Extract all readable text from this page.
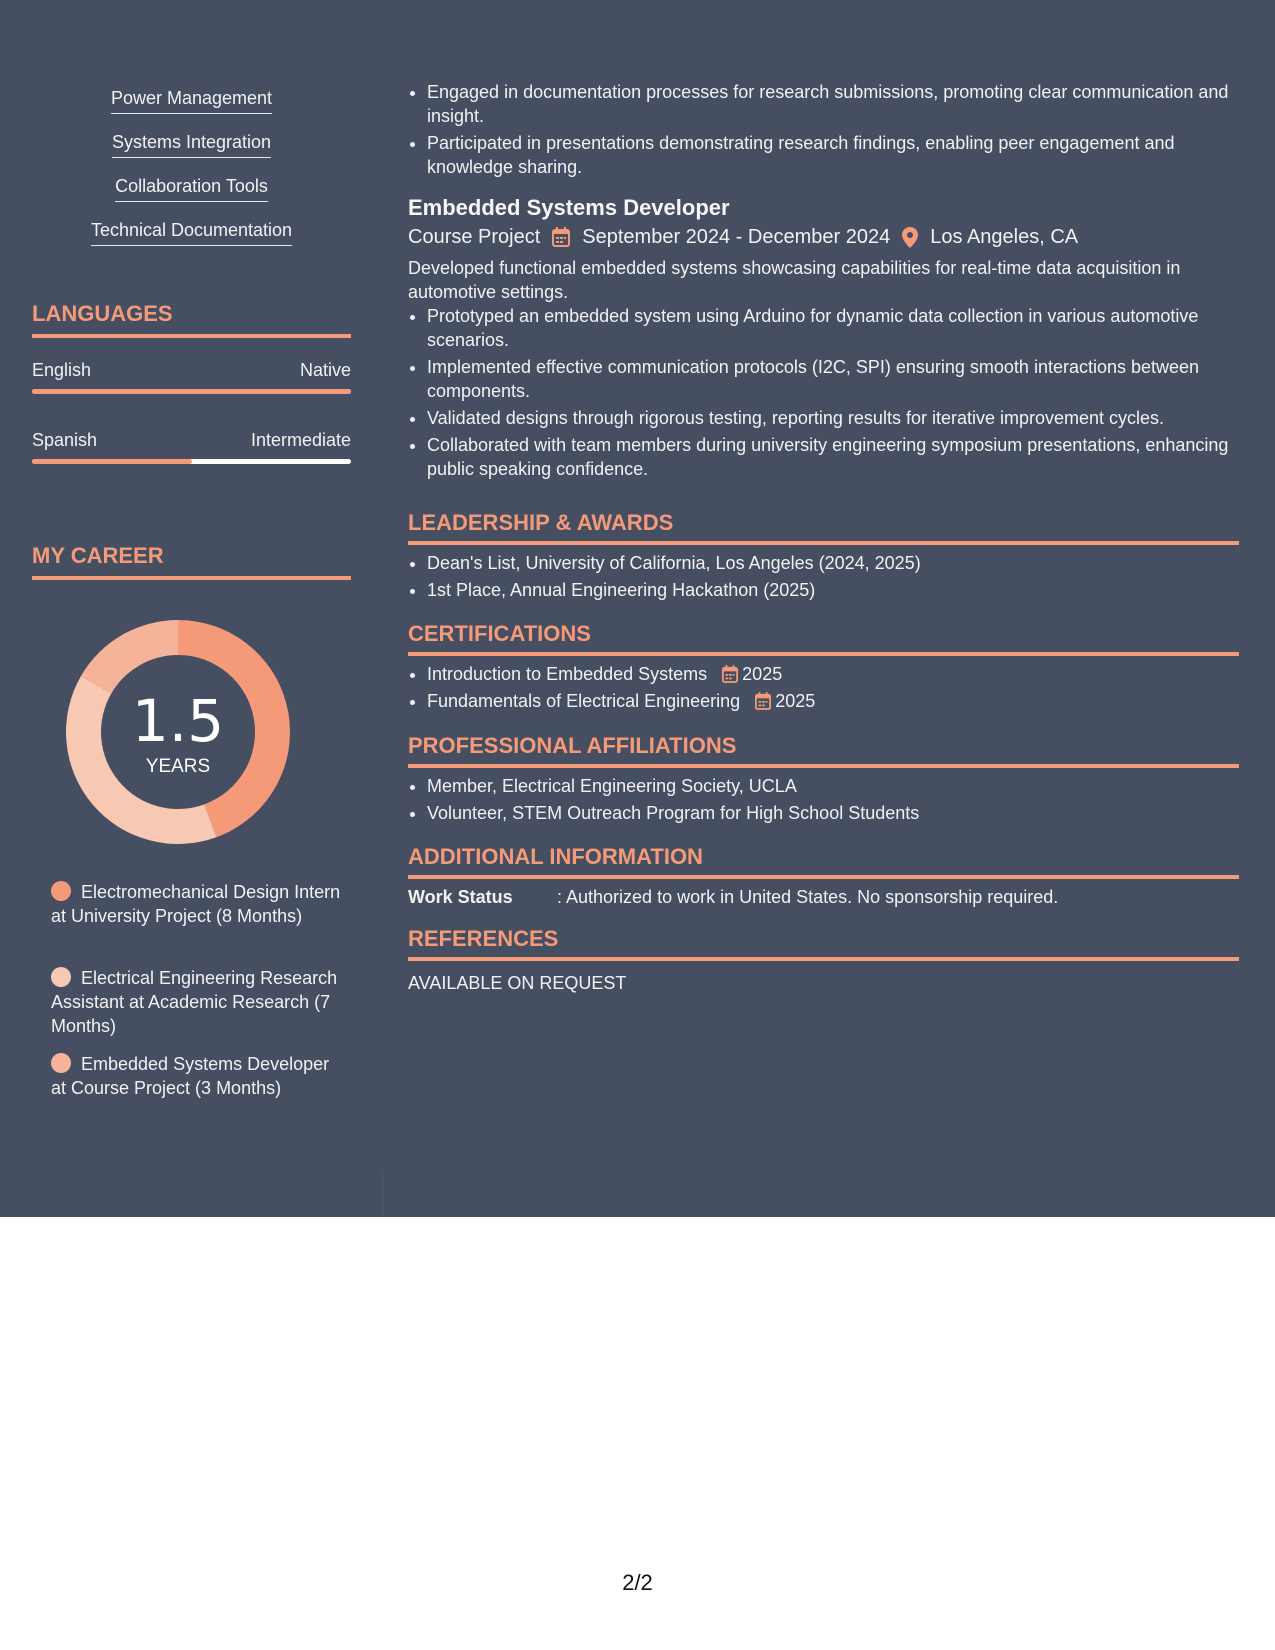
Power Management
Systems Integration
Collaboration Tools
Technical Documentation
LANGUAGES
English	Native
Spanish	Intermediate
MY CAREER
1.5
YEARS
Electromechanical Design Intern at University Project (8 Months)
Electrical Engineering Research Assistant at Academic Research (7 Months)
Embedded Systems Developer at Course Project (3 Months)
• Engaged in documentation processes for research submissions, promoting clear communication and insight.
• Participated in presentations demonstrating research findings, enabling peer engagement and knowledge sharing.
Embedded Systems Developer
Course Project September 2024 - December 2024 Los Angeles, CA
Developed functional embedded systems showcasing capabilities for real-time data acquisition in automotive settings.
• Prototyped an embedded system using Arduino for dynamic data collection in various automotive scenarios.
• Implemented effective communication protocols (I2C, SPI) ensuring smooth interactions between components.
• Validated designs through rigorous testing, reporting results for iterative improvement cycles.
• Collaborated with team members during university engineering symposium presentations, enhancing public speaking confidence.
LEADERSHIP & AWARDS
• Dean's List, University of California, Los Angeles (2024, 2025)
• 1st Place, Annual Engineering Hackathon (2025)
CERTIFICATIONS
• Introduction to Embedded Systems 2025
• Fundamentals of Electrical Engineering 2025
PROFESSIONAL AFFILIATIONS
• Member, Electrical Engineering Society, UCLA
• Volunteer, STEM Outreach Program for High School Students
ADDITIONAL INFORMATION
Work Status	: Authorized to work in United States. No sponsorship required.
REFERENCES
AVAILABLE ON REQUEST
2/2
